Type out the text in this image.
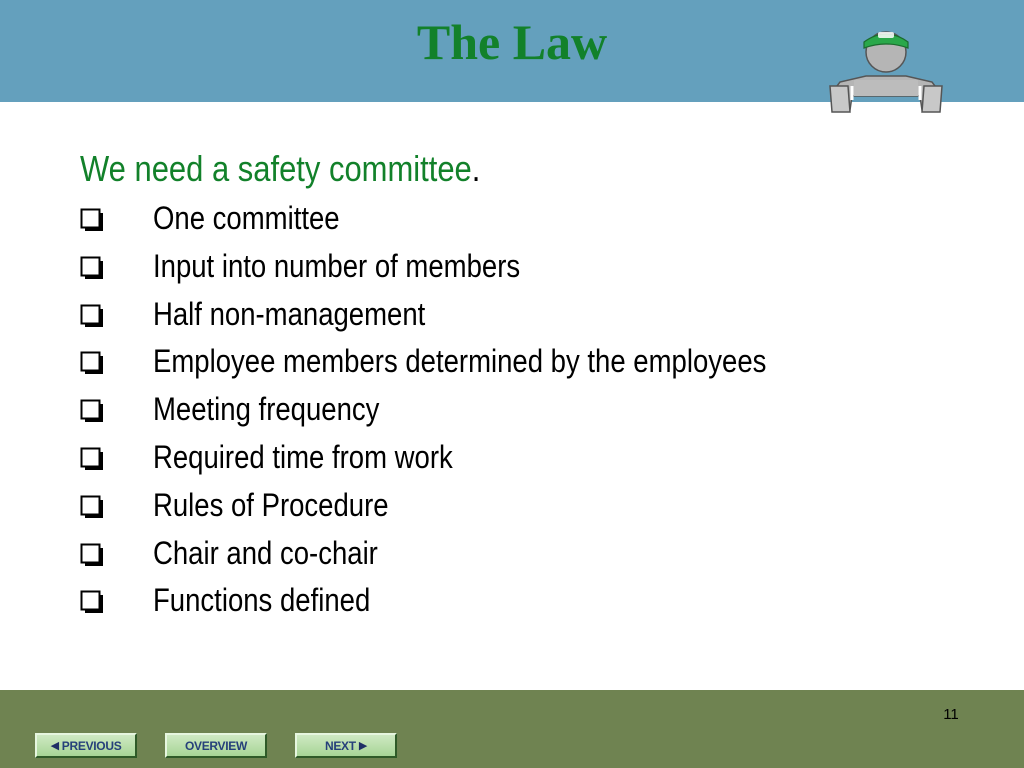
The Law
We need a safety committee.
One committee
Input into number of members
Half non-management
Employee members determined by the employees
Meeting frequency
Required time from work
Rules of Procedure
Chair and co-chair
Functions defined
11
◀
PREVIOUS	OVERVIEW	NEXT
▶
